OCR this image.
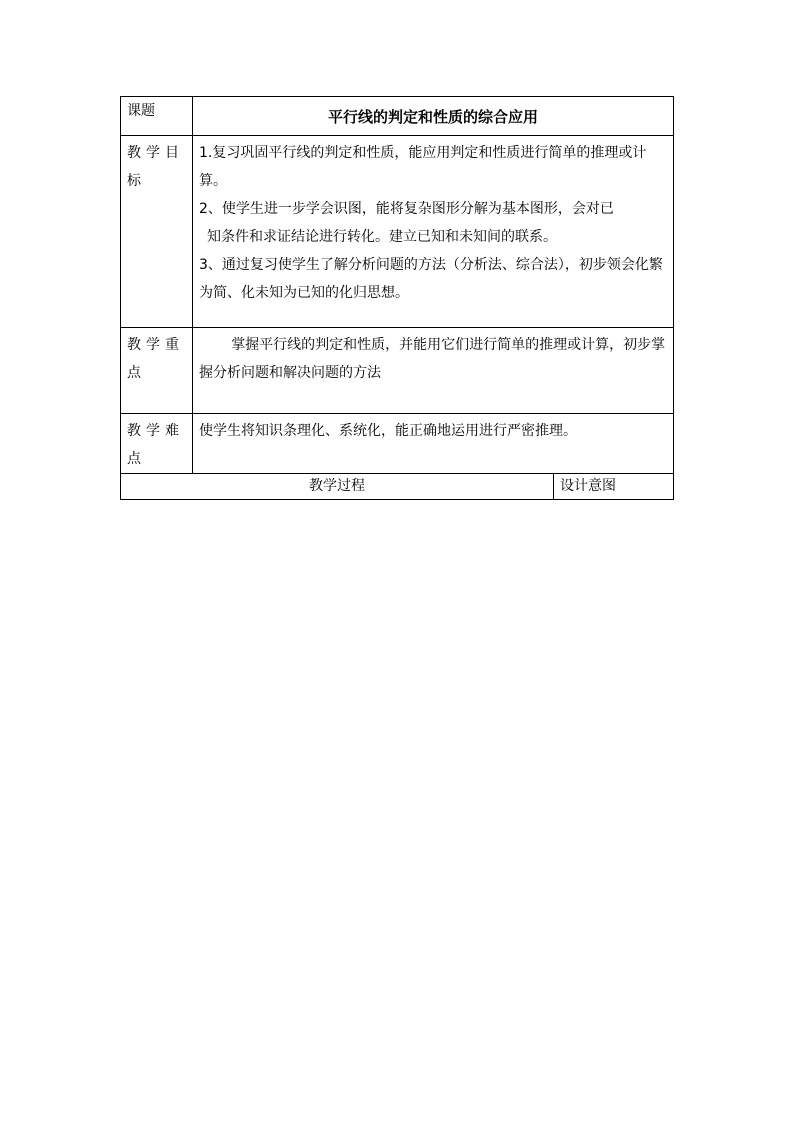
课题	平行线的判定和性质的综合应用	
教学目标	1.复习巩固平行线的判定和性质，能应用判定和性质进行简单的推理或计算。

2、使学生进一步学会识图，能将复杂图形分解为基本图形，会对已

知条件和求证结论进行转化。建立已知和未知间的联系。

3、通过复习使学生了解分析问题的方法（分析法、综合法），初步领会化繁

为简、化未知为已知的化归思想。	

教学重点	掌握平行线的判定和性质，并能用它们进行简单的推理或计算，初步掌握分析问题和解决问题的方法	

教学难点	使学生将知识条理化、系统化，能正确地运用进行严密推理。	

教学过程		设计意图
